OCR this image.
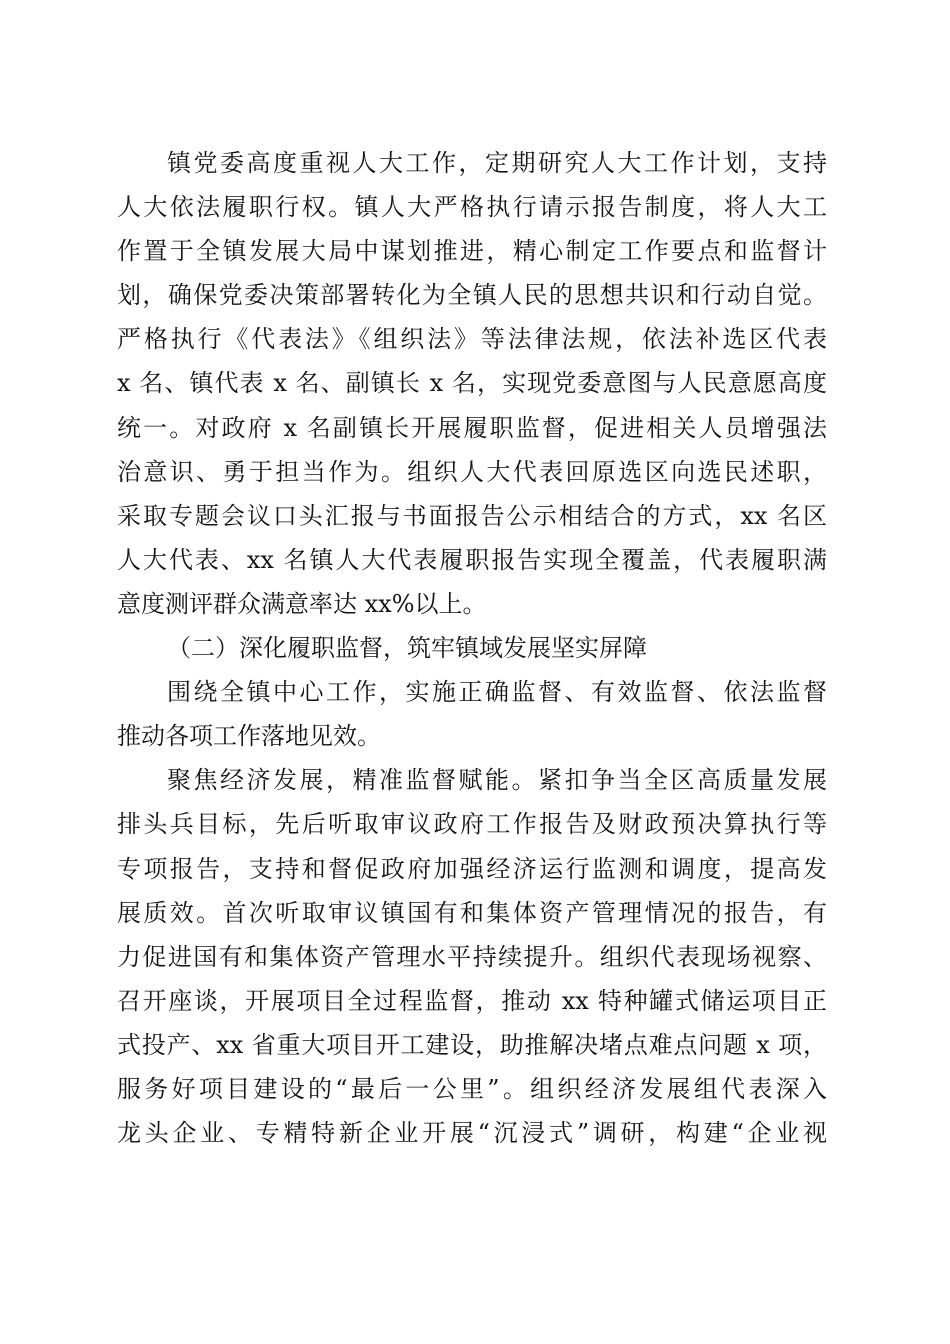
镇党委高度重视人大工作，定期研究人大工作计划，支持

人大依法履职行权。镇人大严格执行请示报告制度，将人大工

作置于全镇发展大局中谋划推进，精心制定工作要点和监督计

划，确保党委决策部署转化为全镇人民的思想共识和行动自觉。

严格执行《代表法》《组织法》等法律法规，依法补选区代表

x 名、镇代表 x 名、副镇长 x 名，实现党委意图与人民意愿高度

统一。对政府 x 名副镇长开展履职监督，促进相关人员增强法

治意识、勇于担当作为。组织人大代表回原选区向选民述职，

采取专题会议口头汇报与书面报告公示相结合的方式，xx 名区

人大代表、xx 名镇人大代表履职报告实现全覆盖，代表履职满

意度测评群众满意率达 xx%以上。

（二）深化履职监督，筑牢镇域发展坚实屏障

围绕全镇中心工作，实施正确监督、有效监督、依法监督

推动各项工作落地见效。

聚焦经济发展，精准监督赋能。紧扣争当全区高质量发展

排头兵目标，先后听取审议政府工作报告及财政预决算执行等

专项报告，支持和督促政府加强经济运行监测和调度，提高发

展质效。首次听取审议镇国有和集体资产管理情况的报告，有

力促进国有和集体资产管理水平持续提升。组织代表现场视察、

召开座谈，开展项目全过程监督，推动 xx 特种罐式储运项目正

式投产、xx 省重大项目开工建设，助推解决堵点难点问题 x 项，

服务好项目建设的“最后一公里”。组织经济发展组代表深入

龙头企业、专精特新企业开展“沉浸式”调研，构建“企业视
